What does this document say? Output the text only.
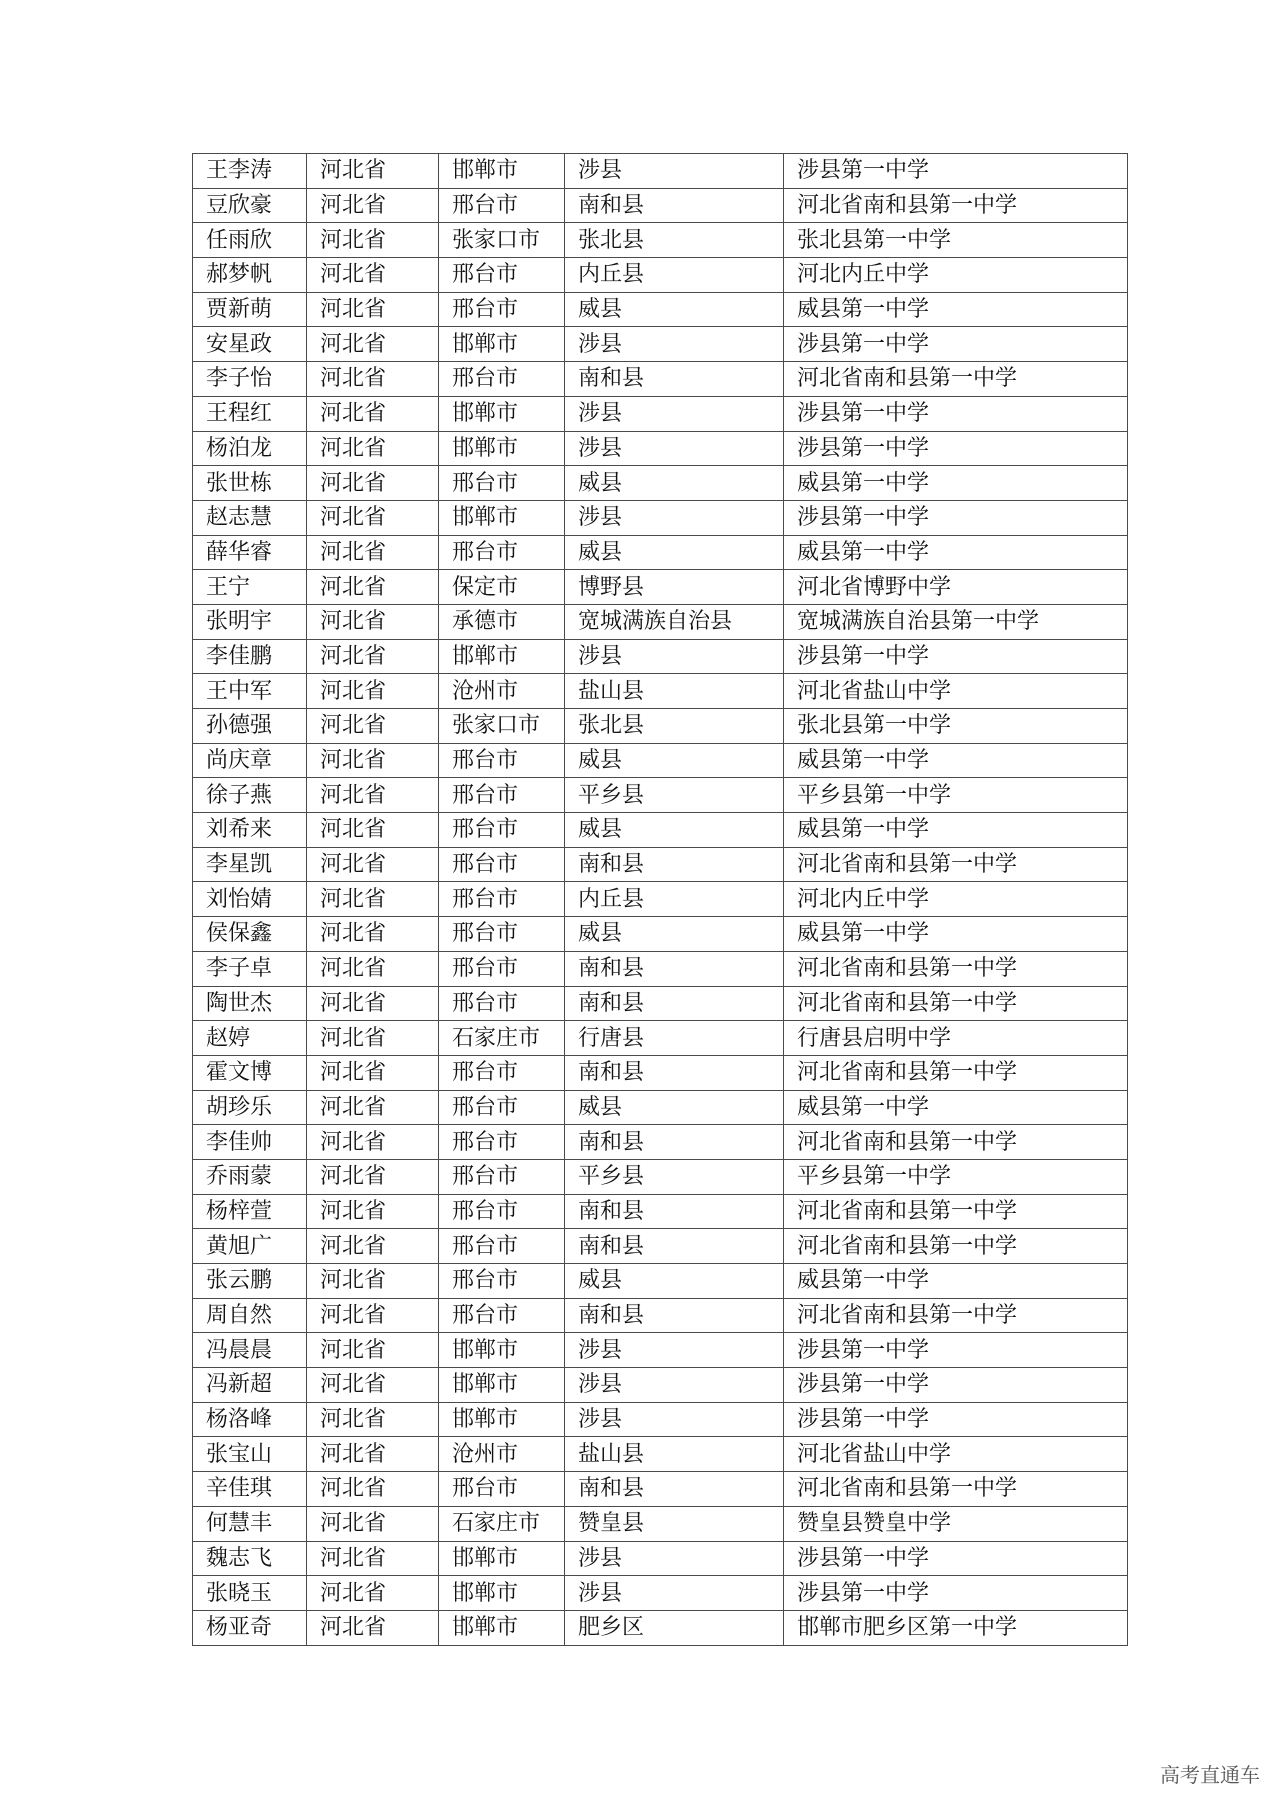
王李涛	河北省	邯郸市	涉县	涉县第一中学
豆欣豪	河北省	邢台市	南和县	河北省南和县第一中学
任雨欣	河北省	张家口市	张北县	张北县第一中学
郝梦帆	河北省	邢台市	内丘县	河北内丘中学
贾新萌	河北省	邢台市	威县	威县第一中学
安星政	河北省	邯郸市	涉县	涉县第一中学
李子怡	河北省	邢台市	南和县	河北省南和县第一中学
王程红	河北省	邯郸市	涉县	涉县第一中学
杨泊龙	河北省	邯郸市	涉县	涉县第一中学
张世栋	河北省	邢台市	威县	威县第一中学
赵志慧	河北省	邯郸市	涉县	涉县第一中学
薛华睿	河北省	邢台市	威县	威县第一中学
王宁	河北省	保定市	博野县	河北省博野中学
张明宇	河北省	承德市	宽城满族自治县	宽城满族自治县第一中学
李佳鹏	河北省	邯郸市	涉县	涉县第一中学
王中军	河北省	沧州市	盐山县	河北省盐山中学
孙德强	河北省	张家口市	张北县	张北县第一中学
尚庆章	河北省	邢台市	威县	威县第一中学
徐子燕	河北省	邢台市	平乡县	平乡县第一中学
刘希来	河北省	邢台市	威县	威县第一中学
李星凯	河北省	邢台市	南和县	河北省南和县第一中学
刘怡婧	河北省	邢台市	内丘县	河北内丘中学
侯保鑫	河北省	邢台市	威县	威县第一中学
李子卓	河北省	邢台市	南和县	河北省南和县第一中学
陶世杰	河北省	邢台市	南和县	河北省南和县第一中学
赵婷	河北省	石家庄市	行唐县	行唐县启明中学
霍文博	河北省	邢台市	南和县	河北省南和县第一中学
胡珍乐	河北省	邢台市	威县	威县第一中学
李佳帅	河北省	邢台市	南和县	河北省南和县第一中学
乔雨蒙	河北省	邢台市	平乡县	平乡县第一中学
杨梓萱	河北省	邢台市	南和县	河北省南和县第一中学
黄旭广	河北省	邢台市	南和县	河北省南和县第一中学
张云鹏	河北省	邢台市	威县	威县第一中学
周自然	河北省	邢台市	南和县	河北省南和县第一中学
冯晨晨	河北省	邯郸市	涉县	涉县第一中学
冯新超	河北省	邯郸市	涉县	涉县第一中学
杨洛峰	河北省	邯郸市	涉县	涉县第一中学
张宝山	河北省	沧州市	盐山县	河北省盐山中学
辛佳琪	河北省	邢台市	南和县	河北省南和县第一中学
何慧丰	河北省	石家庄市	赞皇县	赞皇县赞皇中学
魏志飞	河北省	邯郸市	涉县	涉县第一中学
张晓玉	河北省	邯郸市	涉县	涉县第一中学
杨亚奇	河北省	邯郸市	肥乡区	邯郸市肥乡区第一中学
高考直通车
